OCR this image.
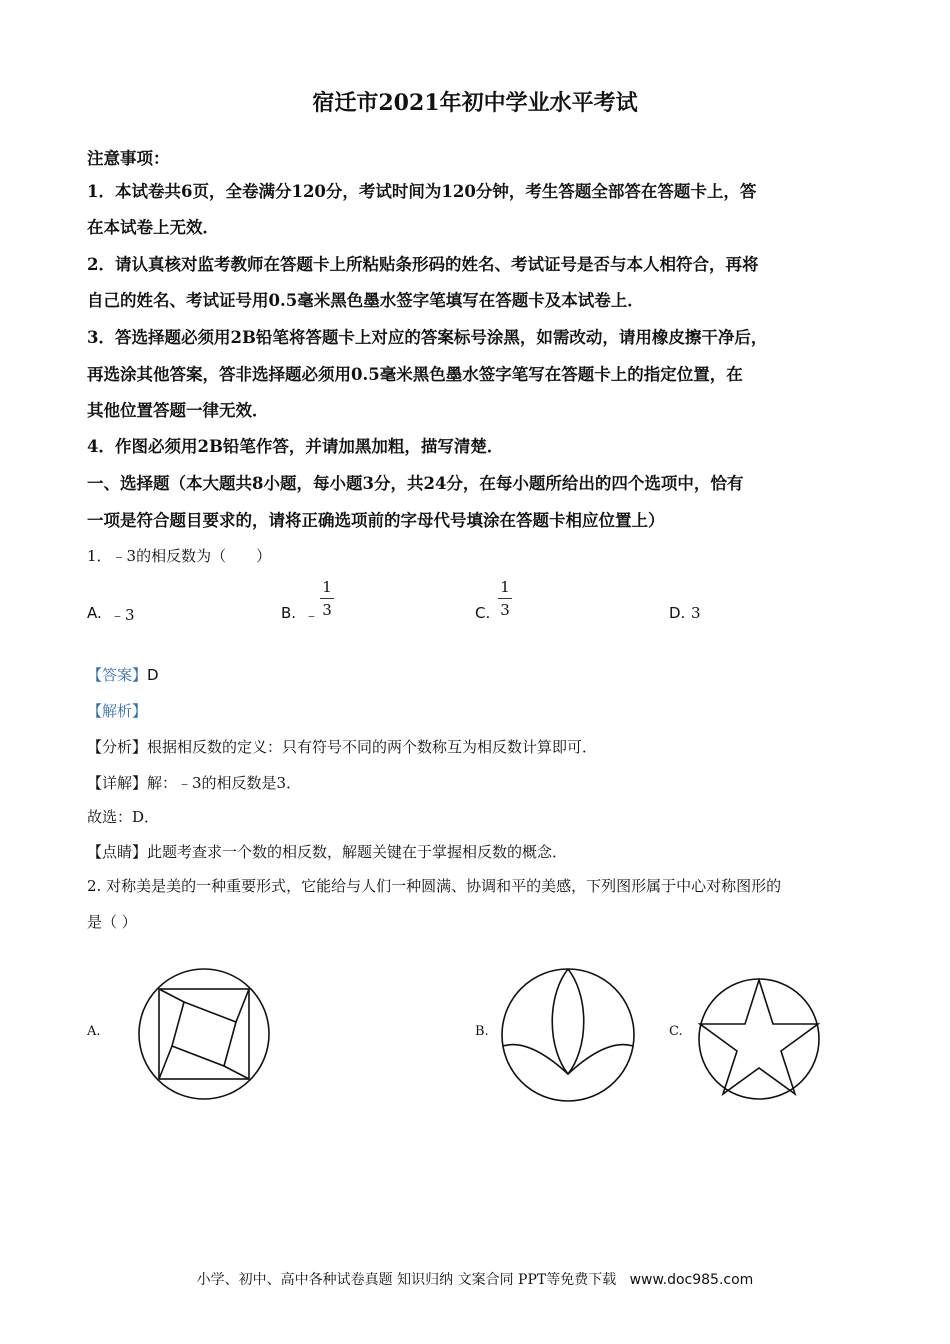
宿迁市2021年初中学业水平考试
注意事项：
1．本试卷共6页，全卷满分120分，考试时间为120分钟，考生答题全部答在答题卡上，答
在本试卷上无效．
2．请认真核对监考教师在答题卡上所粘贴条形码的姓名、考试证号是否与本人相符合，再将
自己的姓名、考试证号用0.5毫米黑色墨水签字笔填写在答题卡及本试卷上．
3．答选择题必须用2B铅笔将答题卡上对应的答案标号涂黑，如需改动，请用橡皮擦干净后，
再选涂其他答案，答非选择题必须用0.5毫米黑色墨水签字笔写在答题卡上的指定位置，在
其他位置答题一律无效．
4．作图必须用2B铅笔作答，并请加黑加粗，描写清楚．
一、选择题（本大题共8小题，每小题3分，共24分，在每小题所给出的四个选项中，恰有
一项是符合题目要求的，请将正确选项前的字母代号填涂在答题卡相应位置上）
1．﹣3的相反数为（　　）
A. ﹣3	B. ﹣
1
3	C.
1
3	D. 3
【答案】D
【解析】
【分析】根据相反数的定义：只有符号不同的两个数称互为相反数计算即可．
【详解】解：﹣3的相反数是3．
故选：D．
【点睛】此题考查求一个数的相反数，解题关键在于掌握相反数的概念．
2. 对称美是美的一种重要形式，它能给与人们一种圆满、协调和平的美感，下列图形属于中心对称图形的
是（ ）
A.	B.	C.
小学、初中、高中各种试卷真题 知识归纳 文案合同 PPT等免费下载 www.doc985.com
